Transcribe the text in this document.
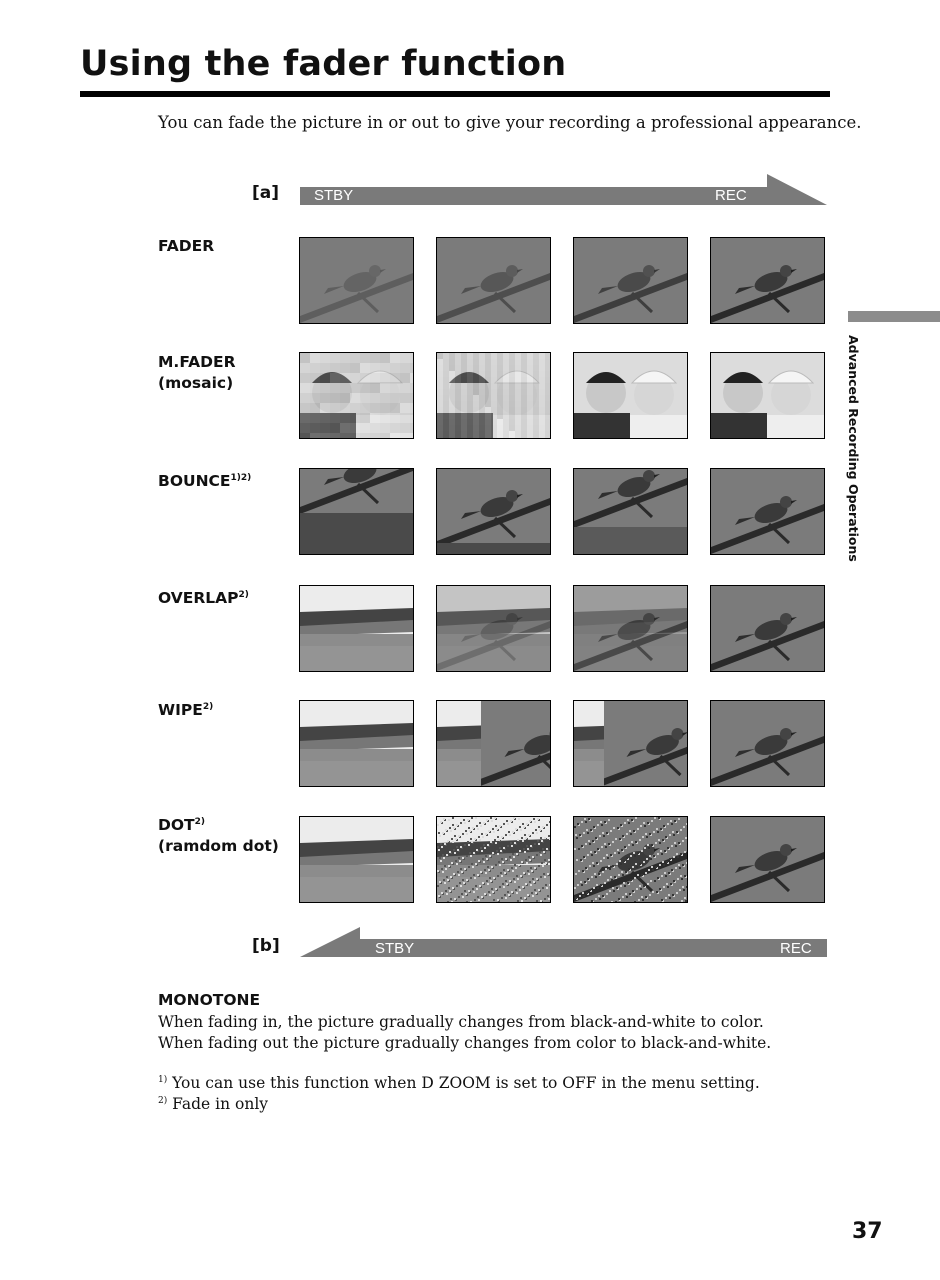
Using the fader function

You can fade the picture in or out to give your recording a professional appearance.

Advanced Recording Operations
[a] STBY	REC
FADER
M.FADER
(mosaic)
$BOUNCE^{1)2)}$
OVERLAP$^{2)}$
WIPE$^{2)}$
DOT$^{2)}$
(ramdom dot)
[b]	STBY	REC
MONOTONE
When fading in, the picture gradually changes from black-and-white to color.
When fading out the picture gradually changes from color to black-and-white.
$^{1)}$ You can use this function when D ZOOM is set to OFF in the menu setting.
$^{2)}$ Fade in only
37
